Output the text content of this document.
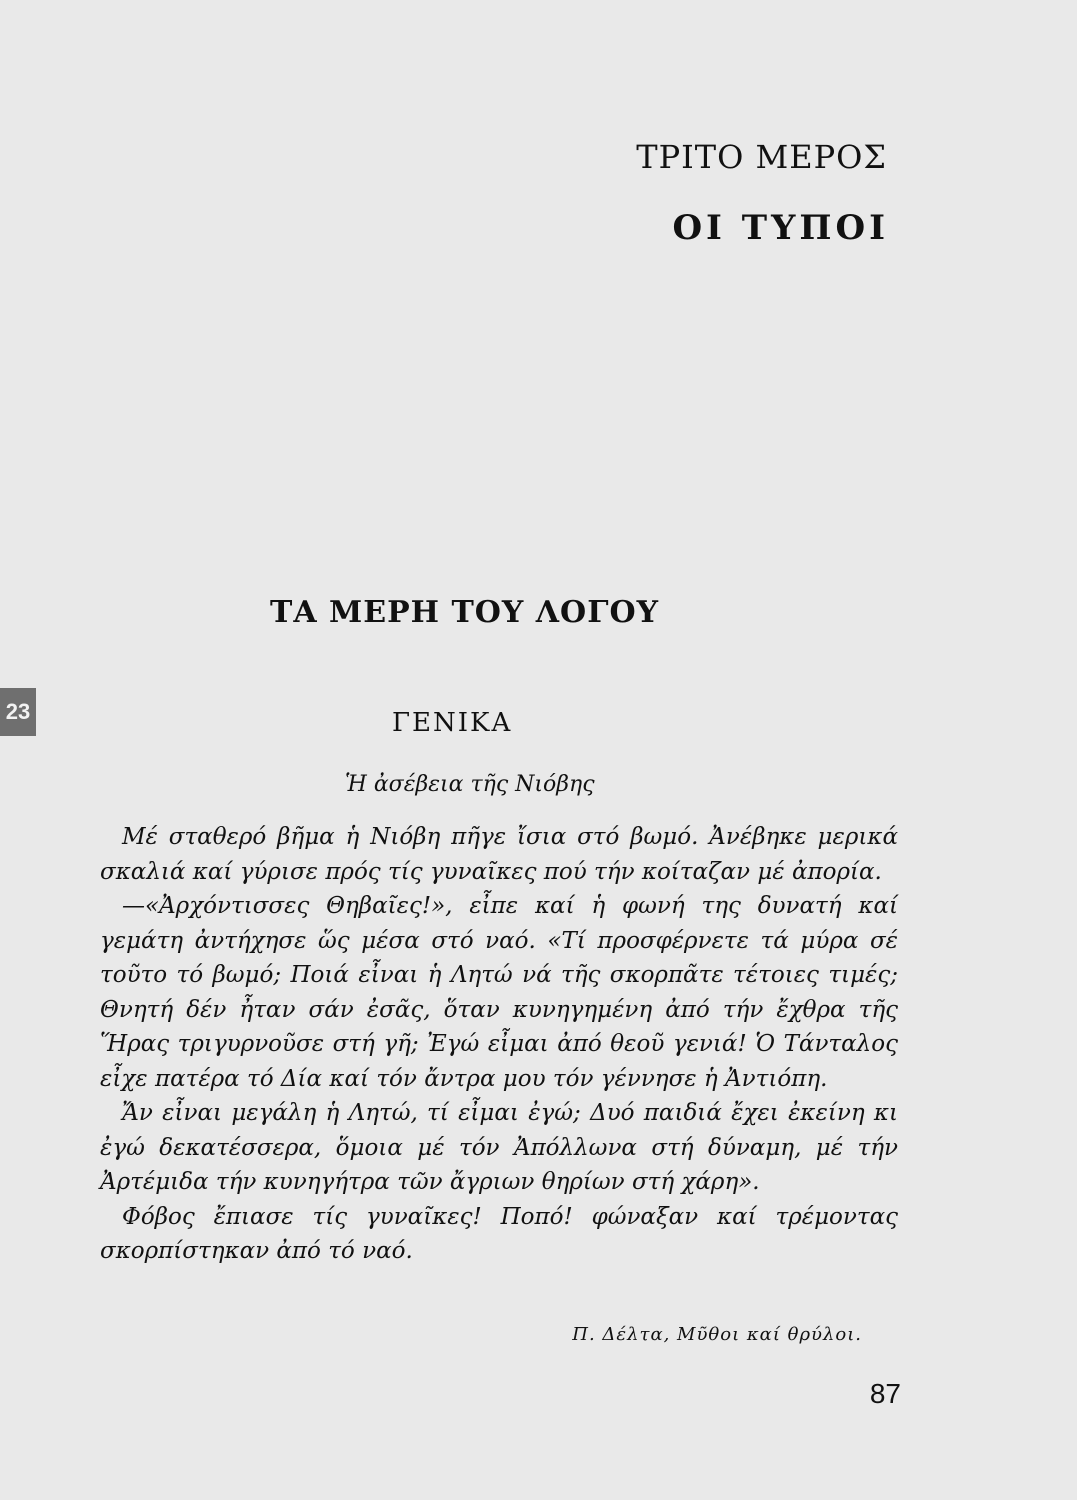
ΤΡΙΤΟ ΜΕΡΟΣ
ΟΙ ΤΥΠΟΙ
ΤΑ ΜΕΡΗ ΤΟΥ ΛΟΓΟΥ
23	ΓΕΝΙΚΑ
Ἡ ἀσέβεια τῆς Νιόβης

Μέ σταθερό βῆμα ἡ Νιόβη πῆγε ἴσια στό βωμό. Ἀνέβηκε μερικά σκαλιά καί γύρισε πρός τίς γυναῖκες πού τήν κοίταζαν μέ ἀπορία.

—«Ἀρχόντισσες Θηβαῖες!», εἶπε καί ἡ φωνή της δυνατή καί γεμάτη ἀντήχησε ὥς μέσα στό ναό. «Τί προσφέρνετε τά μύρα σέ τοῦτο τό βωμό; Ποιά εἶναι ἡ Λητώ νά τῆς σκορπᾶτε τέτοιες τιμές; Θνητή δέν ἦταν σάν ἐσᾶς, ὅταν κυνηγημένη ἀπό τήν ἔχθρα τῆς Ἥρας τριγυρνοῦσε στή γῆ; Ἐγώ εἶμαι ἀπό θεοῦ γενιά! Ὁ Τάνταλος εἶχε πατέρα τό Δία καί τόν ἄντρα μου τόν γέννησε ἡ Ἀντιόπη.

Ἄν εἶναι μεγάλη ἡ Λητώ, τί εἶμαι ἐγώ; Δυό παιδιά ἔχει ἐκείνη κι ἐγώ δεκατέσσερα, ὅμοια μέ τόν Ἀπόλλωνα στή δύναμη, μέ τήν Ἀρτέμιδα τήν κυνηγήτρα τῶν ἄγριων θηρίων στή χάρη».

Φόβος ἔπιασε τίς γυναῖκες! Ποπό! φώναξαν καί τρέμοντας σκορπίστηκαν ἀπό τό ναό.

Π. Δέλτα, Μῦθοι καί θρύλοι.
87
